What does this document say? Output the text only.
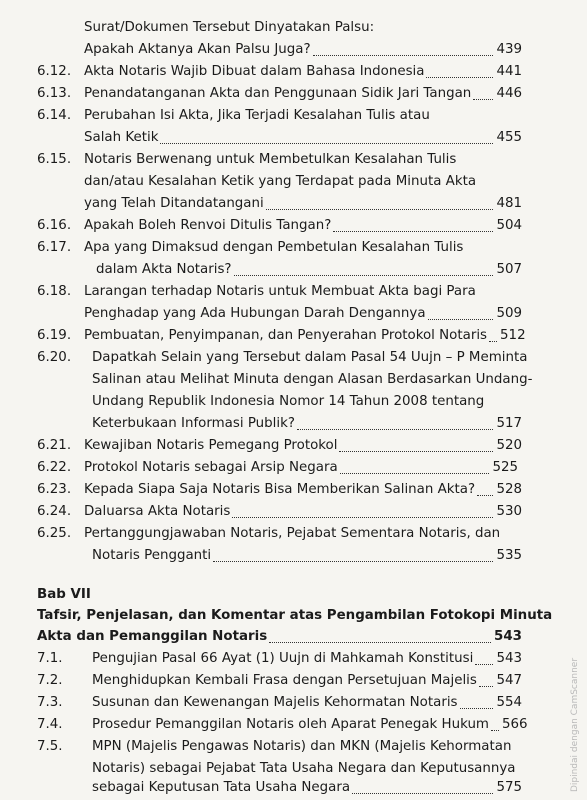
Surat/Dokumen Tersebut Dinyatakan Palsu:
Apakah Aktanya Akan Palsu Juga?	439
6.12. Akta Notaris Wajib Dibuat dalam Bahasa Indonesia	441
6.13. Penandatanganan Akta dan Penggunaan Sidik Jari Tangan 446
6.14. Perubahan Isi Akta, Jika Terjadi Kesalahan Tulis atau
Salah Ketik	455
6.15. Notaris Berwenang untuk Membetulkan Kesalahan Tulis
dan/atau Kesalahan Ketik yang Terdapat pada Minuta Akta
yang Telah Ditandatangani	481
6.16. Apakah Boleh Renvoi Ditulis Tangan?	504
6.17. Apa yang Dimaksud dengan Pembetulan Kesalahan Tulis
dalam Akta Notaris?	507
6.18. Larangan terhadap Notaris untuk Membuat Akta bagi Para
Penghadap yang Ada Hubungan Darah Dengannya	509
6.19. Pembuatan, Penyimpanan, dan Penyerahan Protokol Notaris 512
6.20. Dapatkah Selain yang Tersebut dalam Pasal 54 Uujn – P Meminta
Salinan atau Melihat Minuta dengan Alasan Berdasarkan Undang-
Undang Republik Indonesia Nomor 14 Tahun 2008 tentang
Keterbukaan Informasi Publik?	517
6.21. Kewajiban Notaris Pemegang Protokol	520
6.22. Protokol Notaris sebagai Arsip Negara	525
6.23. Kepada Siapa Saja Notaris Bisa Memberikan Salinan Akta? 528
6.24. Daluarsa Akta Notaris	530
6.25. Pertanggungjawaban Notaris, Pejabat Sementara Notaris, dan
Notaris Pengganti	535
Bab VII
Tafsir, Penjelasan, dan Komentar atas Pengambilan Fotokopi Minuta
Akta dan Pemanggilan Notaris	543
7.1. Pengujian Pasal 66 Ayat (1) Uujn di Mahkamah Konstitusi 543
7.2. Menghidupkan Kembali Frasa dengan Persetujuan Majelis 547
7.3. Susunan dan Kewenangan Majelis Kehormatan Notaris	554
7.4. Prosedur Pemanggilan Notaris oleh Aparat Penegak Hukum 566
7.5. MPN (Majelis Pengawas Notaris) dan MKN (Majelis Kehormatan
Notaris) sebagai Pejabat Tata Usaha Negara dan Keputusannya
sebagai Keputusan Tata Usaha Negara	575	Dipindai dengan CamScanner
